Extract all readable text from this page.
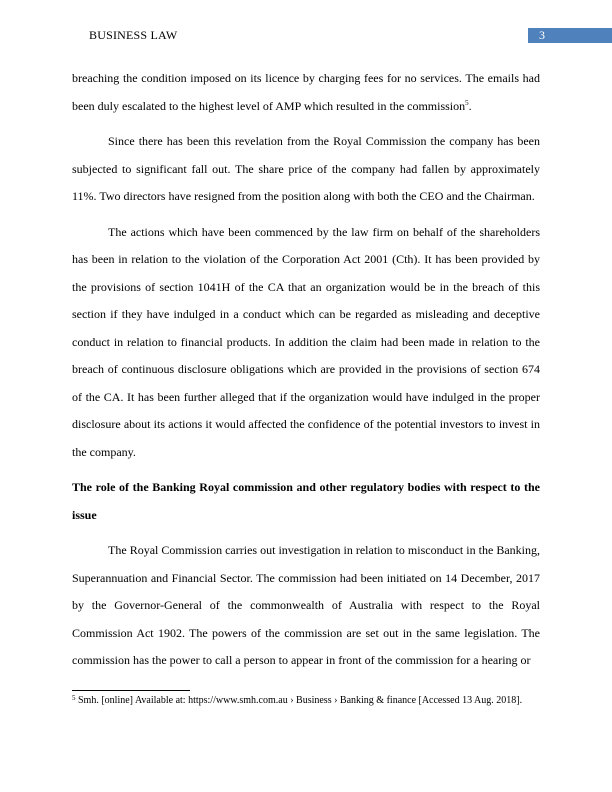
BUSINESS LAW	3

breaching the condition imposed on its licence by charging fees for no services. The emails had been duly escalated to the highest level of AMP which resulted in the commission$^5$.

Since there has been this revelation from the Royal Commission the company has been subjected to significant fall out. The share price of the company had fallen by approximately 11%. Two directors have resigned from the position along with both the CEO and the Chairman.

The actions which have been commenced by the law firm on behalf of the shareholders has been in relation to the violation of the Corporation Act 2001 (Cth). It has been provided by the provisions of section 1041H of the CA that an organization would be in the breach of this section if they have indulged in a conduct which can be regarded as misleading and deceptive conduct in relation to financial products. In addition the claim had been made in relation to the breach of continuous disclosure obligations which are provided in the provisions of section 674 of the CA. It has been further alleged that if the organization would have indulged in the proper disclosure about its actions it would affected the confidence of the potential investors to invest in the company.

The role of the Banking Royal commission and other regulatory bodies with respect to the issue

The Royal Commission carries out investigation in relation to misconduct in the Banking, Superannuation and Financial Sector. The commission had been initiated on 14 December, 2017 by the Governor-General of the commonwealth of Australia with respect to the Royal Commission Act 1902. The powers of the commission are set out in the same legislation. The commission has the power to call a person to appear in front of the commission for a hearing or

$^5$ Smh. [online] Available at: https://www.smh.com.au › Business › Banking & finance [Accessed 13 Aug. 2018].
